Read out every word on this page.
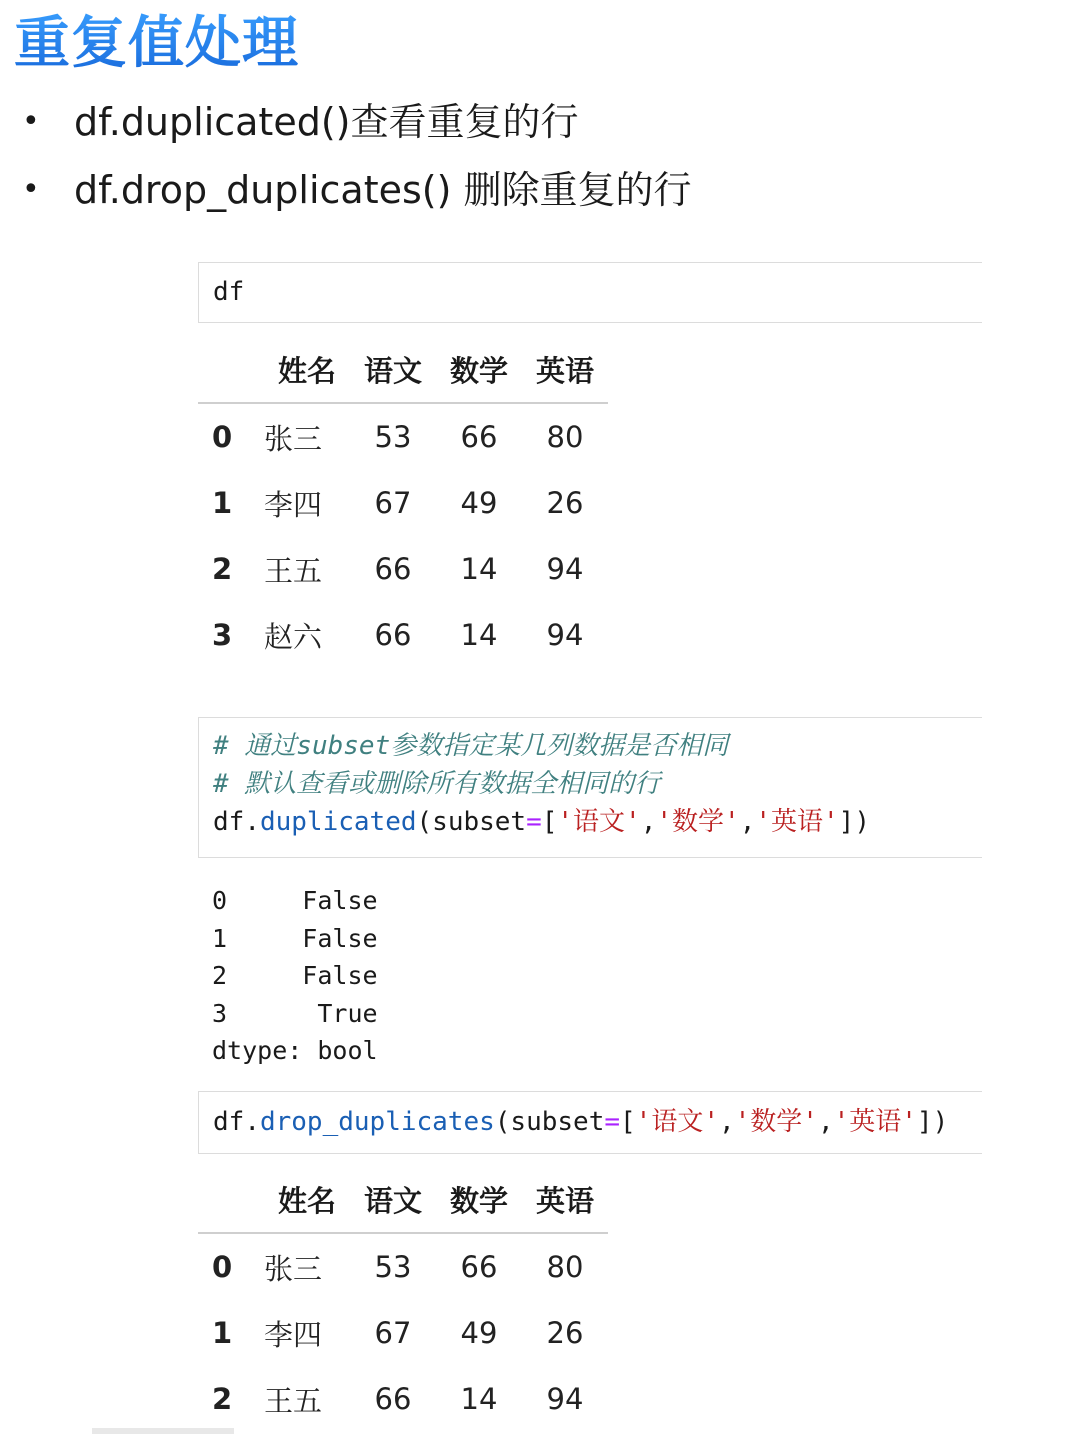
重复值处理
• df.duplicated()查看重复的行
• df.drop_duplicates() 删除重复的行
df
	姓名	语文	数学	英语
0	张三	53	66	80
1	李四	67	49	26
2	王五	66	14	94
3	赵六	66	14	94
# 通过subset参数指定某几列数据是否相同
# 默认查看或删除所有数据全相同的行
df.duplicated(subset=['语文','数学','英语'])
0     False
1     False
2     False
3      True
dtype: bool
df.drop_duplicates(subset=['语文','数学','英语'])
	姓名	语文	数学	英语
0	张三	53	66	80
1	李四	67	49	26
2	王五	66	14	94
